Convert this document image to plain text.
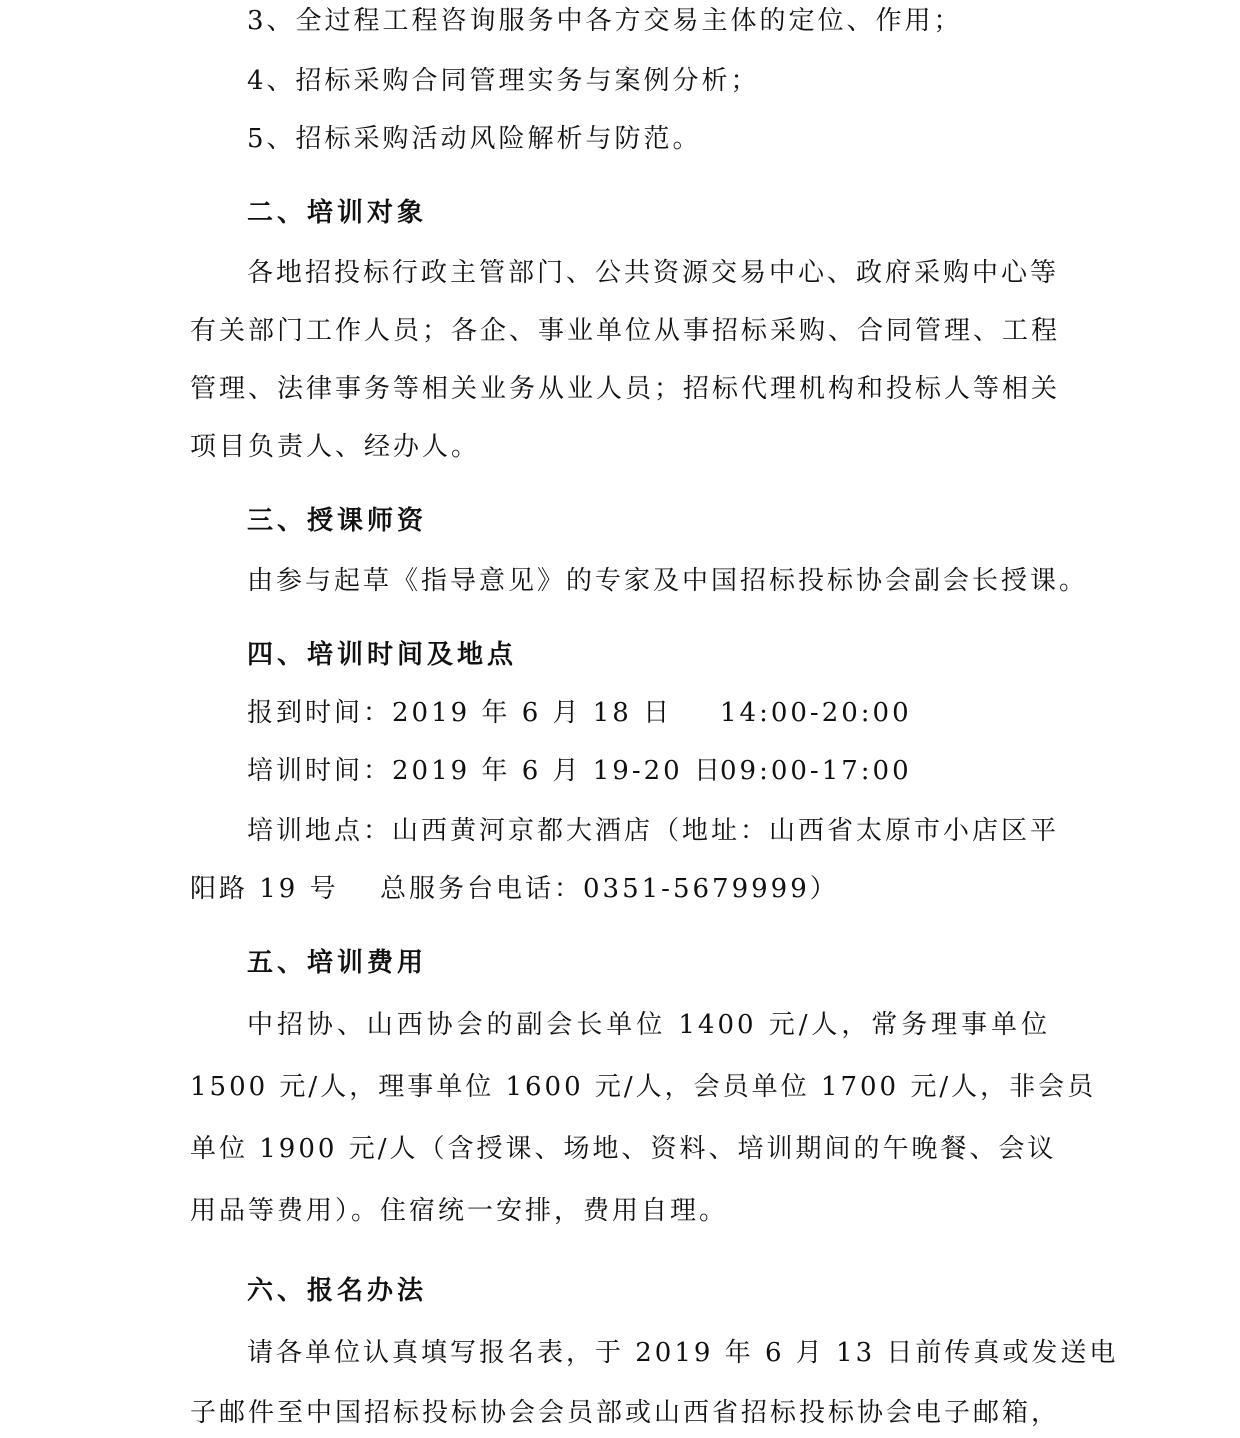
3、全过程工程咨询服务中各方交易主体的定位、作用；
4、招标采购合同管理实务与案例分析；
5、招标采购活动风险解析与防范。
二、培训对象
各地招投标行政主管部门、公共资源交易中心、政府采购中心等
有关部门工作人员；各企、事业单位从事招标采购、合同管理、工程
管理、法律事务等相关业务从业人员；招标代理机构和投标人等相关
项目负责人、经办人。
三、授课师资
由参与起草《指导意见》的专家及中国招标投标协会副会长授课。
四、培训时间及地点
报到时间：2019 年 6 月 18 日 14:00-20:00
培训时间：2019 年 6 月 19-20 日
09:00-17:00
培训地点：山西黄河京都大酒店（地址：山西省太原市小店区平
阳路 19 号 总服务台电话：0351-5679999）
五、培训费用
中招协、山西协会的副会长单位 1400 元/人，常务理事单位
1500 元/人，理事单位 1600 元/人，会员单位 1700 元/人，非会员
单位 1900 元/人（含授课、场地、资料、培训期间的午晚餐、会议
用品等费用）。住宿统一安排，费用自理。
六、报名办法
请各单位认真填写报名表，于 2019 年 6 月 13 日前传真或发送电
子邮件至中国招标投标协会会员部或山西省招标投标协会电子邮箱，
